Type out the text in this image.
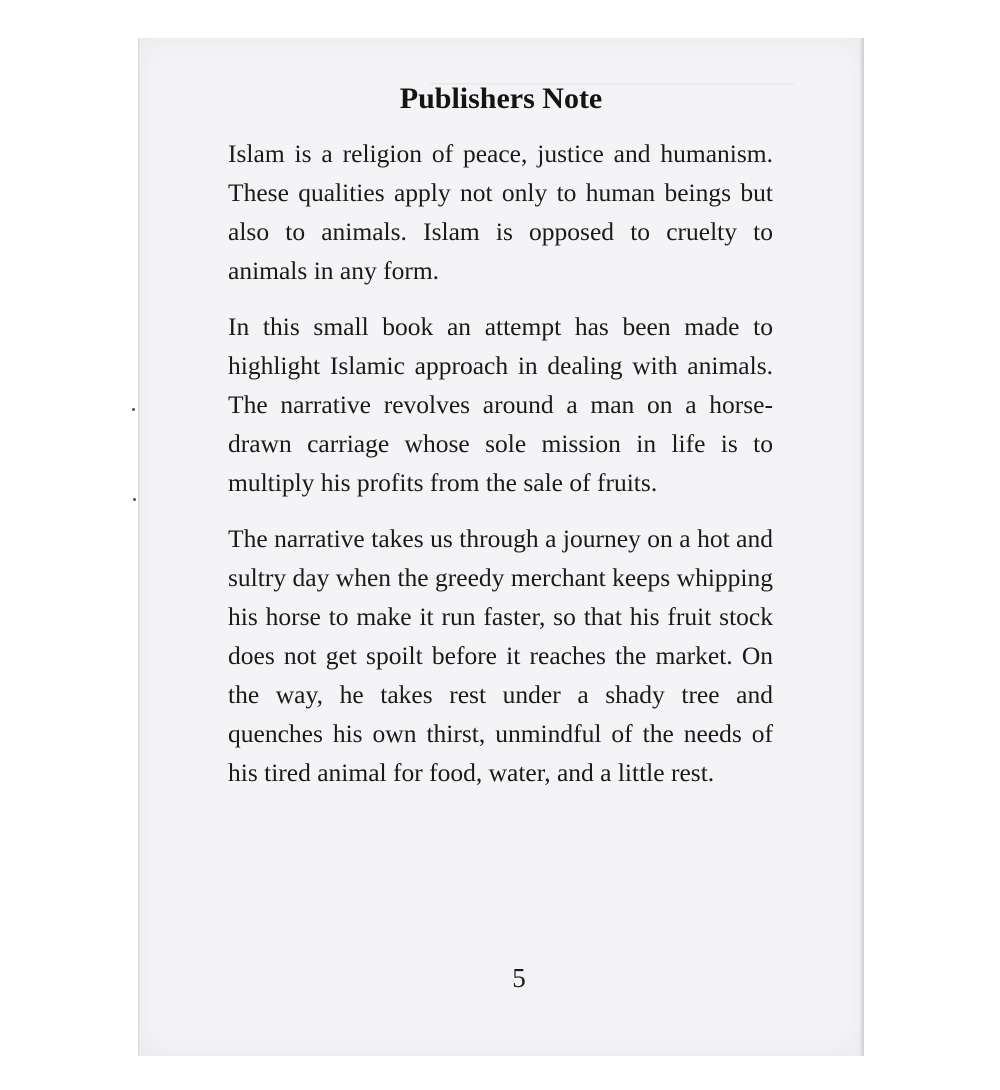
Publishers Note

Islam is a religion of peace, justice and humanism. These qualities apply not only to human beings but also to animals. Islam is opposed to cruelty to animals in any form.

In this small book an attempt has been made to highlight Islamic approach in dealing with animals. The narrative revolves around a man on a horse-drawn carriage whose sole mission in life is to multiply his profits from the sale of fruits.

The narrative takes us through a journey on a hot and sultry day when the greedy merchant keeps whipping his horse to make it run faster, so that his fruit stock does not get spoilt before it reaches the market. On the way, he takes rest under a shady tree and quenches his own thirst, unmindful of the needs of his tired animal for food, water, and a little rest.

5
